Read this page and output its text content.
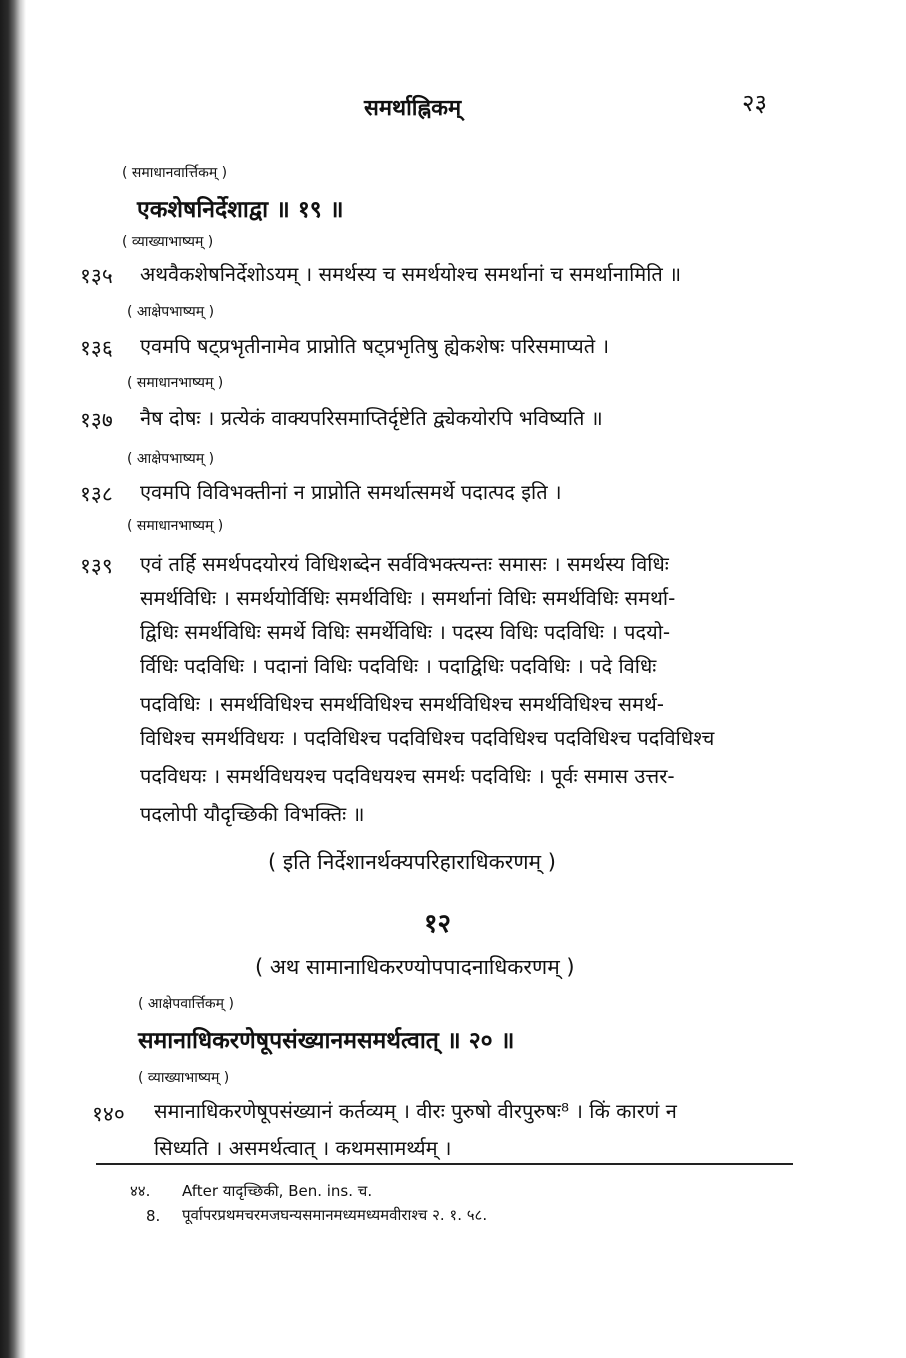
समर्थाह्निकम्	२३
( समाधानवार्त्तिकम् )
एकशेषनिर्देशाद्वा ॥ १९ ॥
( व्याख्याभाष्यम् )
१३५ अथवैकशेषनिर्देशोऽयम् । समर्थस्य च समर्थयोश्च समर्थानां च समर्थानामिति ॥
( आक्षेपभाष्यम् )
१३६ एवमपि षट्प्रभृतीनामेव प्राप्नोति षट्प्रभृतिषु ह्येकशेषः परिसमाप्यते ।
( समाधानभाष्यम् )
१३७ नैष दोषः । प्रत्येकं वाक्यपरिसमाप्तिर्दृष्टेति द्व्येकयोरपि भविष्यति ॥
( आक्षेपभाष्यम् )
१३८ एवमपि विविभक्तीनां न प्राप्नोति समर्थात्समर्थे पदात्पद इति ।
( समाधानभाष्यम् )
१३९ एवं तर्हि समर्थपदयोरयं विधिशब्देन सर्वविभक्त्यन्तः समासः । समर्थस्य विधिः
समर्थविधिः । समर्थयोर्विधिः समर्थविधिः । समर्थानां विधिः समर्थविधिः समर्था-
द्विधिः समर्थविधिः समर्थे विधिः समर्थेविधिः । पदस्य विधिः पदविधिः । पदयो-
र्विधिः पदविधिः । पदानां विधिः पदविधिः । पदाद्विधिः पदविधिः । पदे विधिः
पदविधिः । समर्थविधिश्च समर्थविधिश्च समर्थविधिश्च समर्थविधिश्च समर्थ-
विधिश्च समर्थविधयः । पदविधिश्च पदविधिश्च पदविधिश्च पदविधिश्च पदविधिश्च
पदविधयः । समर्थविधयश्च पदविधयश्च समर्थः पदविधिः । पूर्वः समास उत्तर-
पदलोपी यौदृच्छिकी विभक्तिः ॥
( इति निर्देशानर्थक्यपरिहाराधिकरणम् )
१२
( अथ सामानाधिकरण्योपपादनाधिकरणम् )
( आक्षेपवार्त्तिकम् )
समानाधिकरणेषूपसंख्यानमसमर्थत्वात् ॥ २० ॥
( व्याख्याभाष्यम् )
१४० समानाधिकरणेषूपसंख्यानं कर्तव्यम् । वीरः पुरुषो वीरपुरुषः⁸ । किं कारणं न
सिध्यति । असमर्थत्वात् । कथमसामर्थ्यम् ।
४४. After यादृच्छिकी, Ben. ins. च.
8. पूर्वापरप्रथमचरमजघन्यसमानमध्यमध्यमवीराश्च २. १. ५८.
